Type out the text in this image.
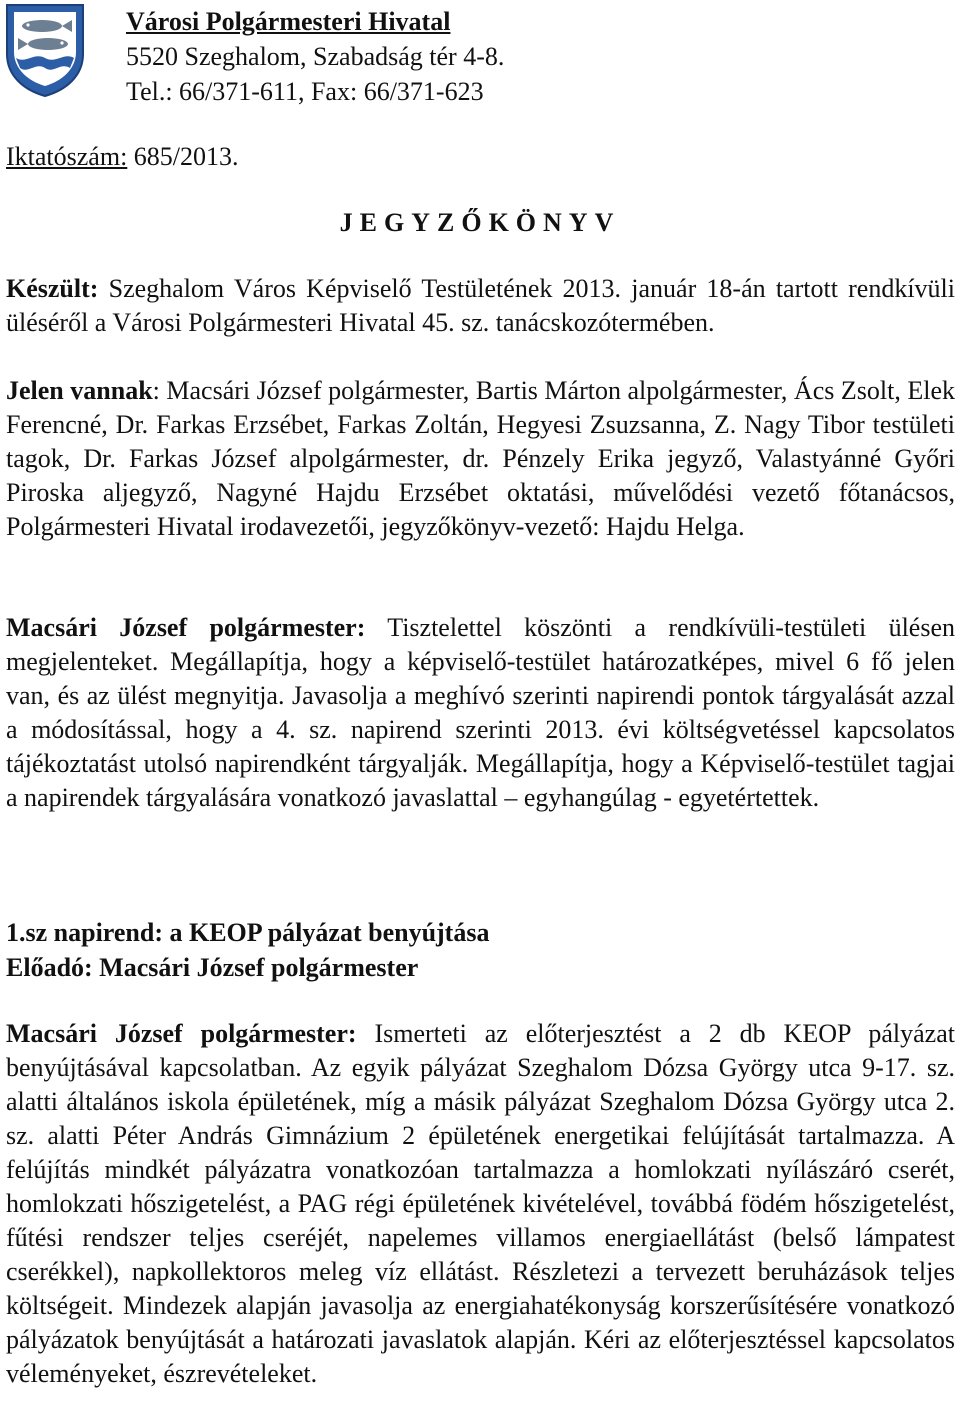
Városi Polgármesteri Hivatal
5520 Szeghalom, Szabadság tér 4-8.
Tel.: 66/371-611, Fax: 66/371-623
Iktatószám: 685/2013.
JEGYZŐKÖNYV

Készült: Szeghalom Város Képviselő Testületének 2013. január 18-án tartott rendkívüli üléséről a Városi Polgármesteri Hivatal 45. sz. tanácskozótermében.

Jelen vannak: Macsári József polgármester, Bartis Márton alpolgármester, Ács Zsolt, Elek Ferencné, Dr. Farkas Erzsébet, Farkas Zoltán, Hegyesi Zsuzsanna, Z. Nagy Tibor testületi tagok, Dr. Farkas József alpolgármester, dr. Pénzely Erika jegyző, Valastyánné Győri Piroska aljegyző, Nagyné Hajdu Erzsébet oktatási, művelődési vezető főtanácsos, Polgármesteri Hivatal irodavezetői, jegyzőkönyv-vezető: Hajdu Helga.

Macsári József polgármester: Tisztelettel köszönti a rendkívüli-testületi ülésen megjelenteket. Megállapítja, hogy a képviselő-testület határozatképes, mivel 6 fő jelen van, és az ülést megnyitja. Javasolja a meghívó szerinti napirendi pontok tárgyalását azzal a módosítással, hogy a 4. sz. napirend szerinti 2013. évi költségvetéssel kapcsolatos tájékoztatást utolsó napirendként tárgyalják. Megállapítja, hogy a Képviselő-testület tagjai a napirendek tárgyalására vonatkozó javaslattal – egyhangúlag - egyetértettek.

1.sz napirend: a KEOP pályázat benyújtása
Előadó: Macsári József polgármester

Macsári József polgármester: Ismerteti az előterjesztést a 2 db KEOP pályázat benyújtásával kapcsolatban. Az egyik pályázat Szeghalom Dózsa György utca 9-17. sz. alatti általános iskola épületének, míg a másik pályázat Szeghalom Dózsa György utca 2. sz. alatti Péter András Gimnázium 2 épületének energetikai felújítását tartalmazza. A felújítás mindkét pályázatra vonatkozóan tartalmazza a homlokzati nyílászáró cserét, homlokzati hőszigetelést, a PAG régi épületének kivételével, továbbá födém hőszigetelést, fűtési rendszer teljes cseréjét, napelemes villamos energiaellátást (belső lámpatest cserékkel), napkollektoros meleg víz ellátást. Részletezi a tervezett beruházások teljes költségeit. Mindezek alapján javasolja az energiahatékonyság korszerűsítésére vonatkozó pályázatok benyújtását a határozati javaslatok alapján. Kéri az előterjesztéssel kapcsolatos véleményeket, észrevételeket.
